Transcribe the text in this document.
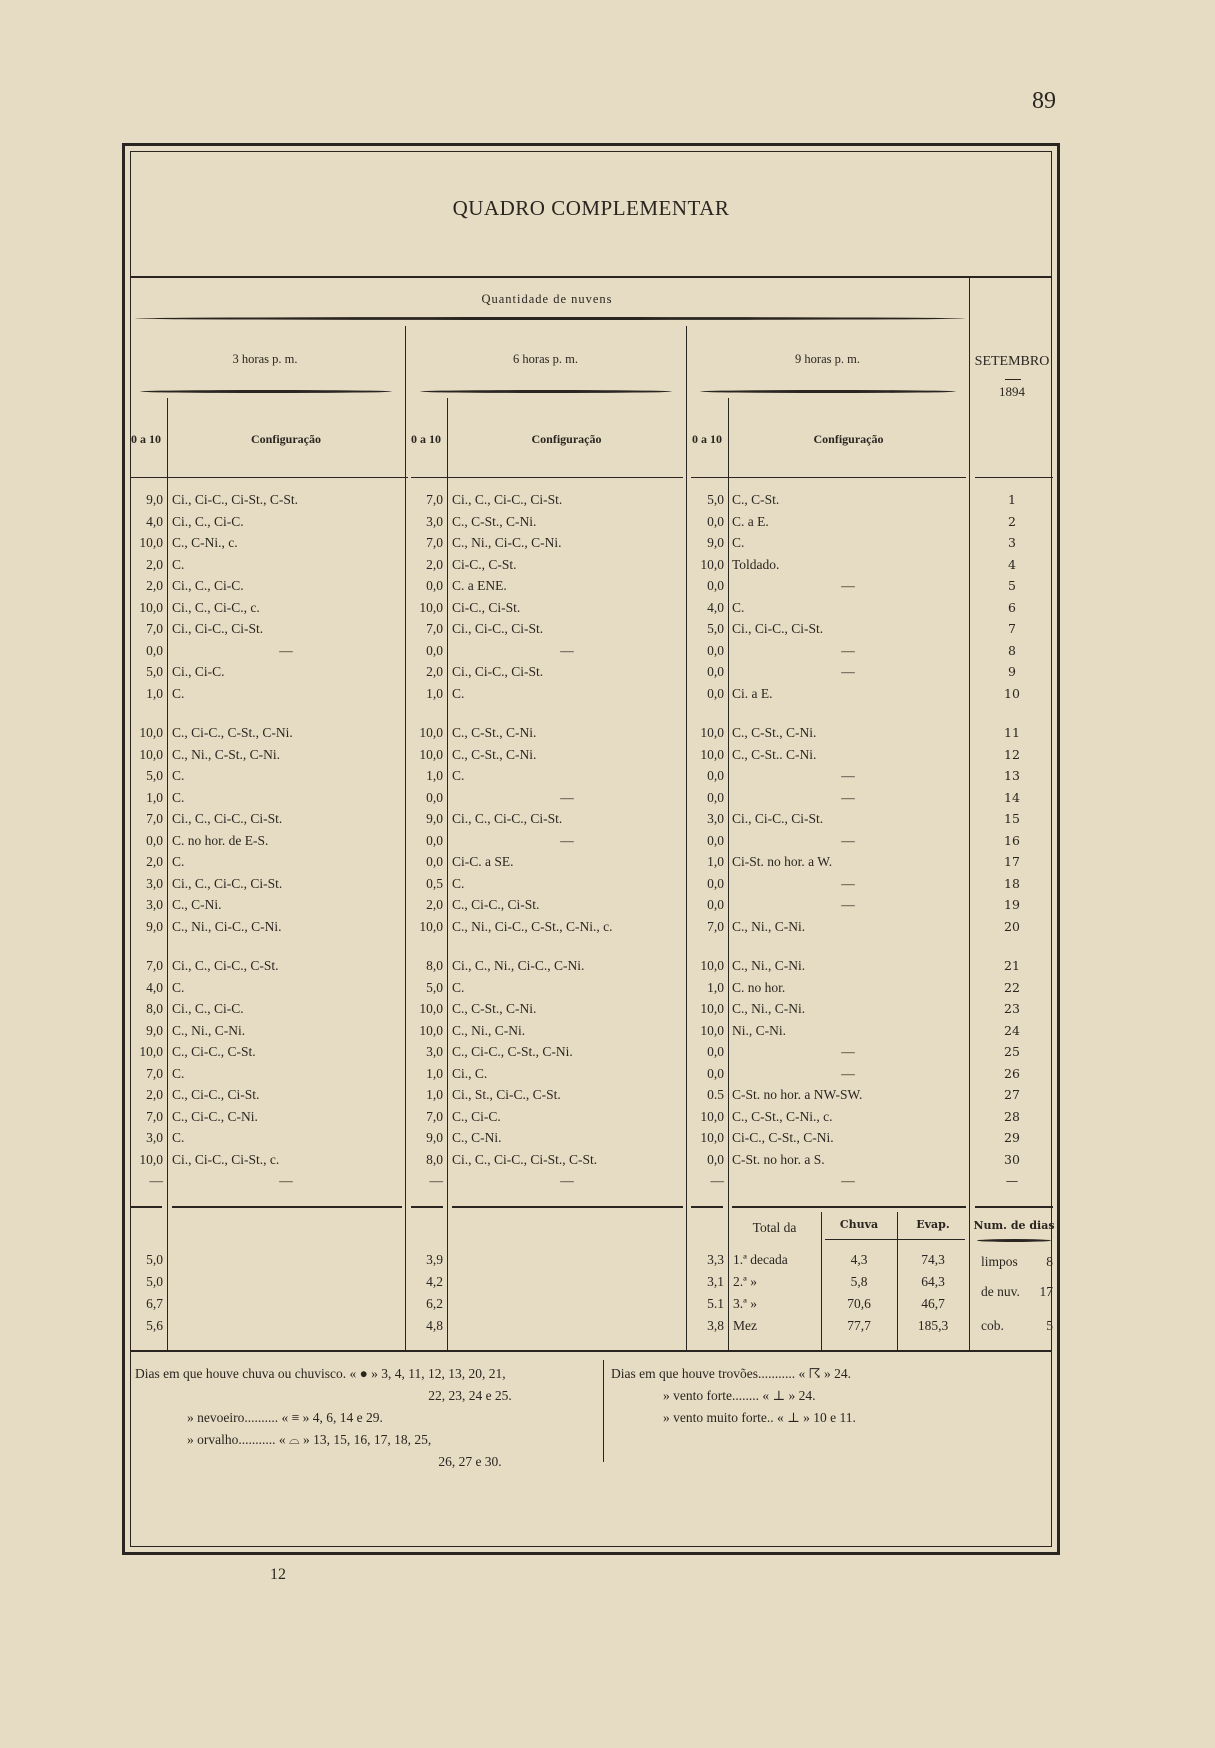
89
QUADRO COMPLEMENTAR
Quantidade de nuvens
3 horas p. m.	6 horas p. m.	9 horas p. m.	SETEMBRO
1894
0 a 10	Configuração	0 a 10	Configuração	0 a 10	Configuração
9,0 Ci., Ci-C., Ci-St., C-St.	7,0 Ci., C., Ci-C., Ci-St.	5,0 C., C-St.	1
4,0 Ci., C., Ci-C.	3,0 C., C-St., C-Ni.	0,0 C. a E.	2
10,0 C., C-Ni., c.	7,0 C., Ni., Ci-C., C-Ni.	9,0 C.	3
2,0 C.	2,0 Ci-C., C-St.	10,0 Toldado.	4
2,0 Ci., C., Ci-C.	0,0 C. a ENE.	0,0	—	5
10,0 Ci., C., Ci-C., c.	10,0 Ci-C., Ci-St.	4,0 C.	6
7,0 Ci., Ci-C., Ci-St.	7,0 Ci., Ci-C., Ci-St.	5,0 Ci., Ci-C., Ci-St.	7
0,0	—	0,0	—	0,0	—	8
5,0 Ci., Ci-C.	2,0 Ci., Ci-C., Ci-St.	0,0	—	9
1,0 C.	1,0 C.	0,0 Ci. a E.	10
10,0 C., Ci-C., C-St., C-Ni.	10,0 C., C-St., C-Ni.	10,0 C., C-St., C-Ni.	11
10,0 C., Ni., C-St., C-Ni.	10,0 C., C-St., C-Ni.	10,0 C., C-St.. C-Ni.	12
5,0 C.	1,0 C.	0,0	—	13
1,0 C.	0,0	—	0,0	—	14
7,0 Ci., C., Ci-C., Ci-St.	9,0 Ci., C., Ci-C., Ci-St.	3,0 Ci., Ci-C., Ci-St.	15
0,0 C. no hor. de E-S.	0,0	—	0,0	—	16
2,0 C.	0,0 Ci-C. a SE.	1,0 Ci-St. no hor. a W.	17
3,0 Ci., C., Ci-C., Ci-St.	0,5 C.	0,0	—	18
3,0 C., C-Ni.	2,0 C., Ci-C., Ci-St.	0,0	—	19
9,0 C., Ni., Ci-C., C-Ni.	10,0 C., Ni., Ci-C., C-St., C-Ni., c.	7,0 C., Ni., C-Ni.	20
7,0 Ci., C., Ci-C., C-St.	8,0 Ci., C., Ni., Ci-C., C-Ni.	10,0 C., Ni., C-Ni.	21
4,0 C.	5,0 C.	1,0 C. no hor.	22
8,0 Ci., C., Ci-C.	10,0 C., C-St., C-Ni.	10,0 C., Ni., C-Ni.	23
9,0 C., Ni., C-Ni.	10,0 C., Ni., C-Ni.	10,0 Ni., C-Ni.	24
10,0 C., Ci-C., C-St.	3,0 C., Ci-C., C-St., C-Ni.	0,0	—	25
7,0 C.	1,0 Ci., C.	0,0	—	26
2,0 C., Ci-C., Ci-St.	1,0 Ci., St., Ci-C., C-St.	0.5 C-St. no hor. a NW-SW.	27
7,0 C., Ci-C., C-Ni.	7,0 C., Ci-C.	10,0 C., C-St., C-Ni., c.	28
3,0 C.	9,0 C., C-Ni.	10,0 Ci-C., C-St., C-Ni.	29
10,0 Ci., Ci-C., Ci-St., c.	8,0 Ci., C., Ci-C., Ci-St., C-St.	0,0 C-St. no hor. a S.	30
—	—	—	—	—	—	—
Total da	Chuva	Evap.	Num. de dias
5,0	3,9	3,3 1.ª decada	4,3	74,3
5,0	4,2	3,1 2.ª »	5,8	64,3
6,7	6,2	5.1 3.ª »	70,6	46,7
5,6	4,8	3,8 Mez	77,7	185,3
limpos	8
de nuv.	17
cob.	5
Dias em que houve chuva ou chuvisco. « ● » 3, 4, 11, 12, 13, 20, 21,
22, 23, 24 e 25.
» nevoeiro.......... « ≡ » 4, 6, 14 e 29.
» orvalho........... « ⌓ » 13, 15, 16, 17, 18, 25,
26, 27 e 30.
Dias em que houve trovões........... « ☈ » 24.
» vento forte........ « ⊥ » 24.
» vento muito forte.. « ⊥ » 10 e 11.
12
